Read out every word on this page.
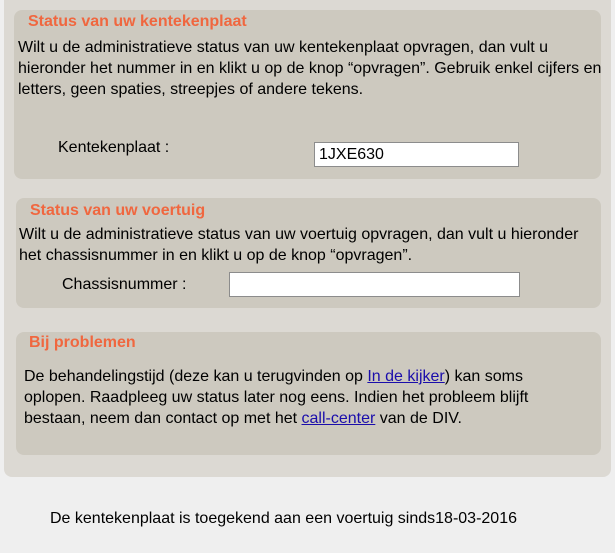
Status van uw kentekenplaat
Wilt u de administratieve status van uw kentekenplaat opvragen, dan vult u hieronder het nummer in en klikt u op de knop “opvragen”. Gebruik enkel cijfers en letters, geen spaties, streepjes of andere tekens.
Kentekenplaat :
1JXE630
Status van uw voertuig
Wilt u de administratieve status van uw voertuig opvragen, dan vult u hieronder het chassisnummer in en klikt u op de knop “opvragen”.
Chassisnummer :
Bij problemen
De behandelingstijd (deze kan u terugvinden op In de kijker) kan soms oplopen. Raadpleeg uw status later nog eens. Indien het probleem blijft bestaan, neem dan contact op met het call-center van de DIV.
De kentekenplaat is toegekend aan een voertuig sinds18-03-2016
